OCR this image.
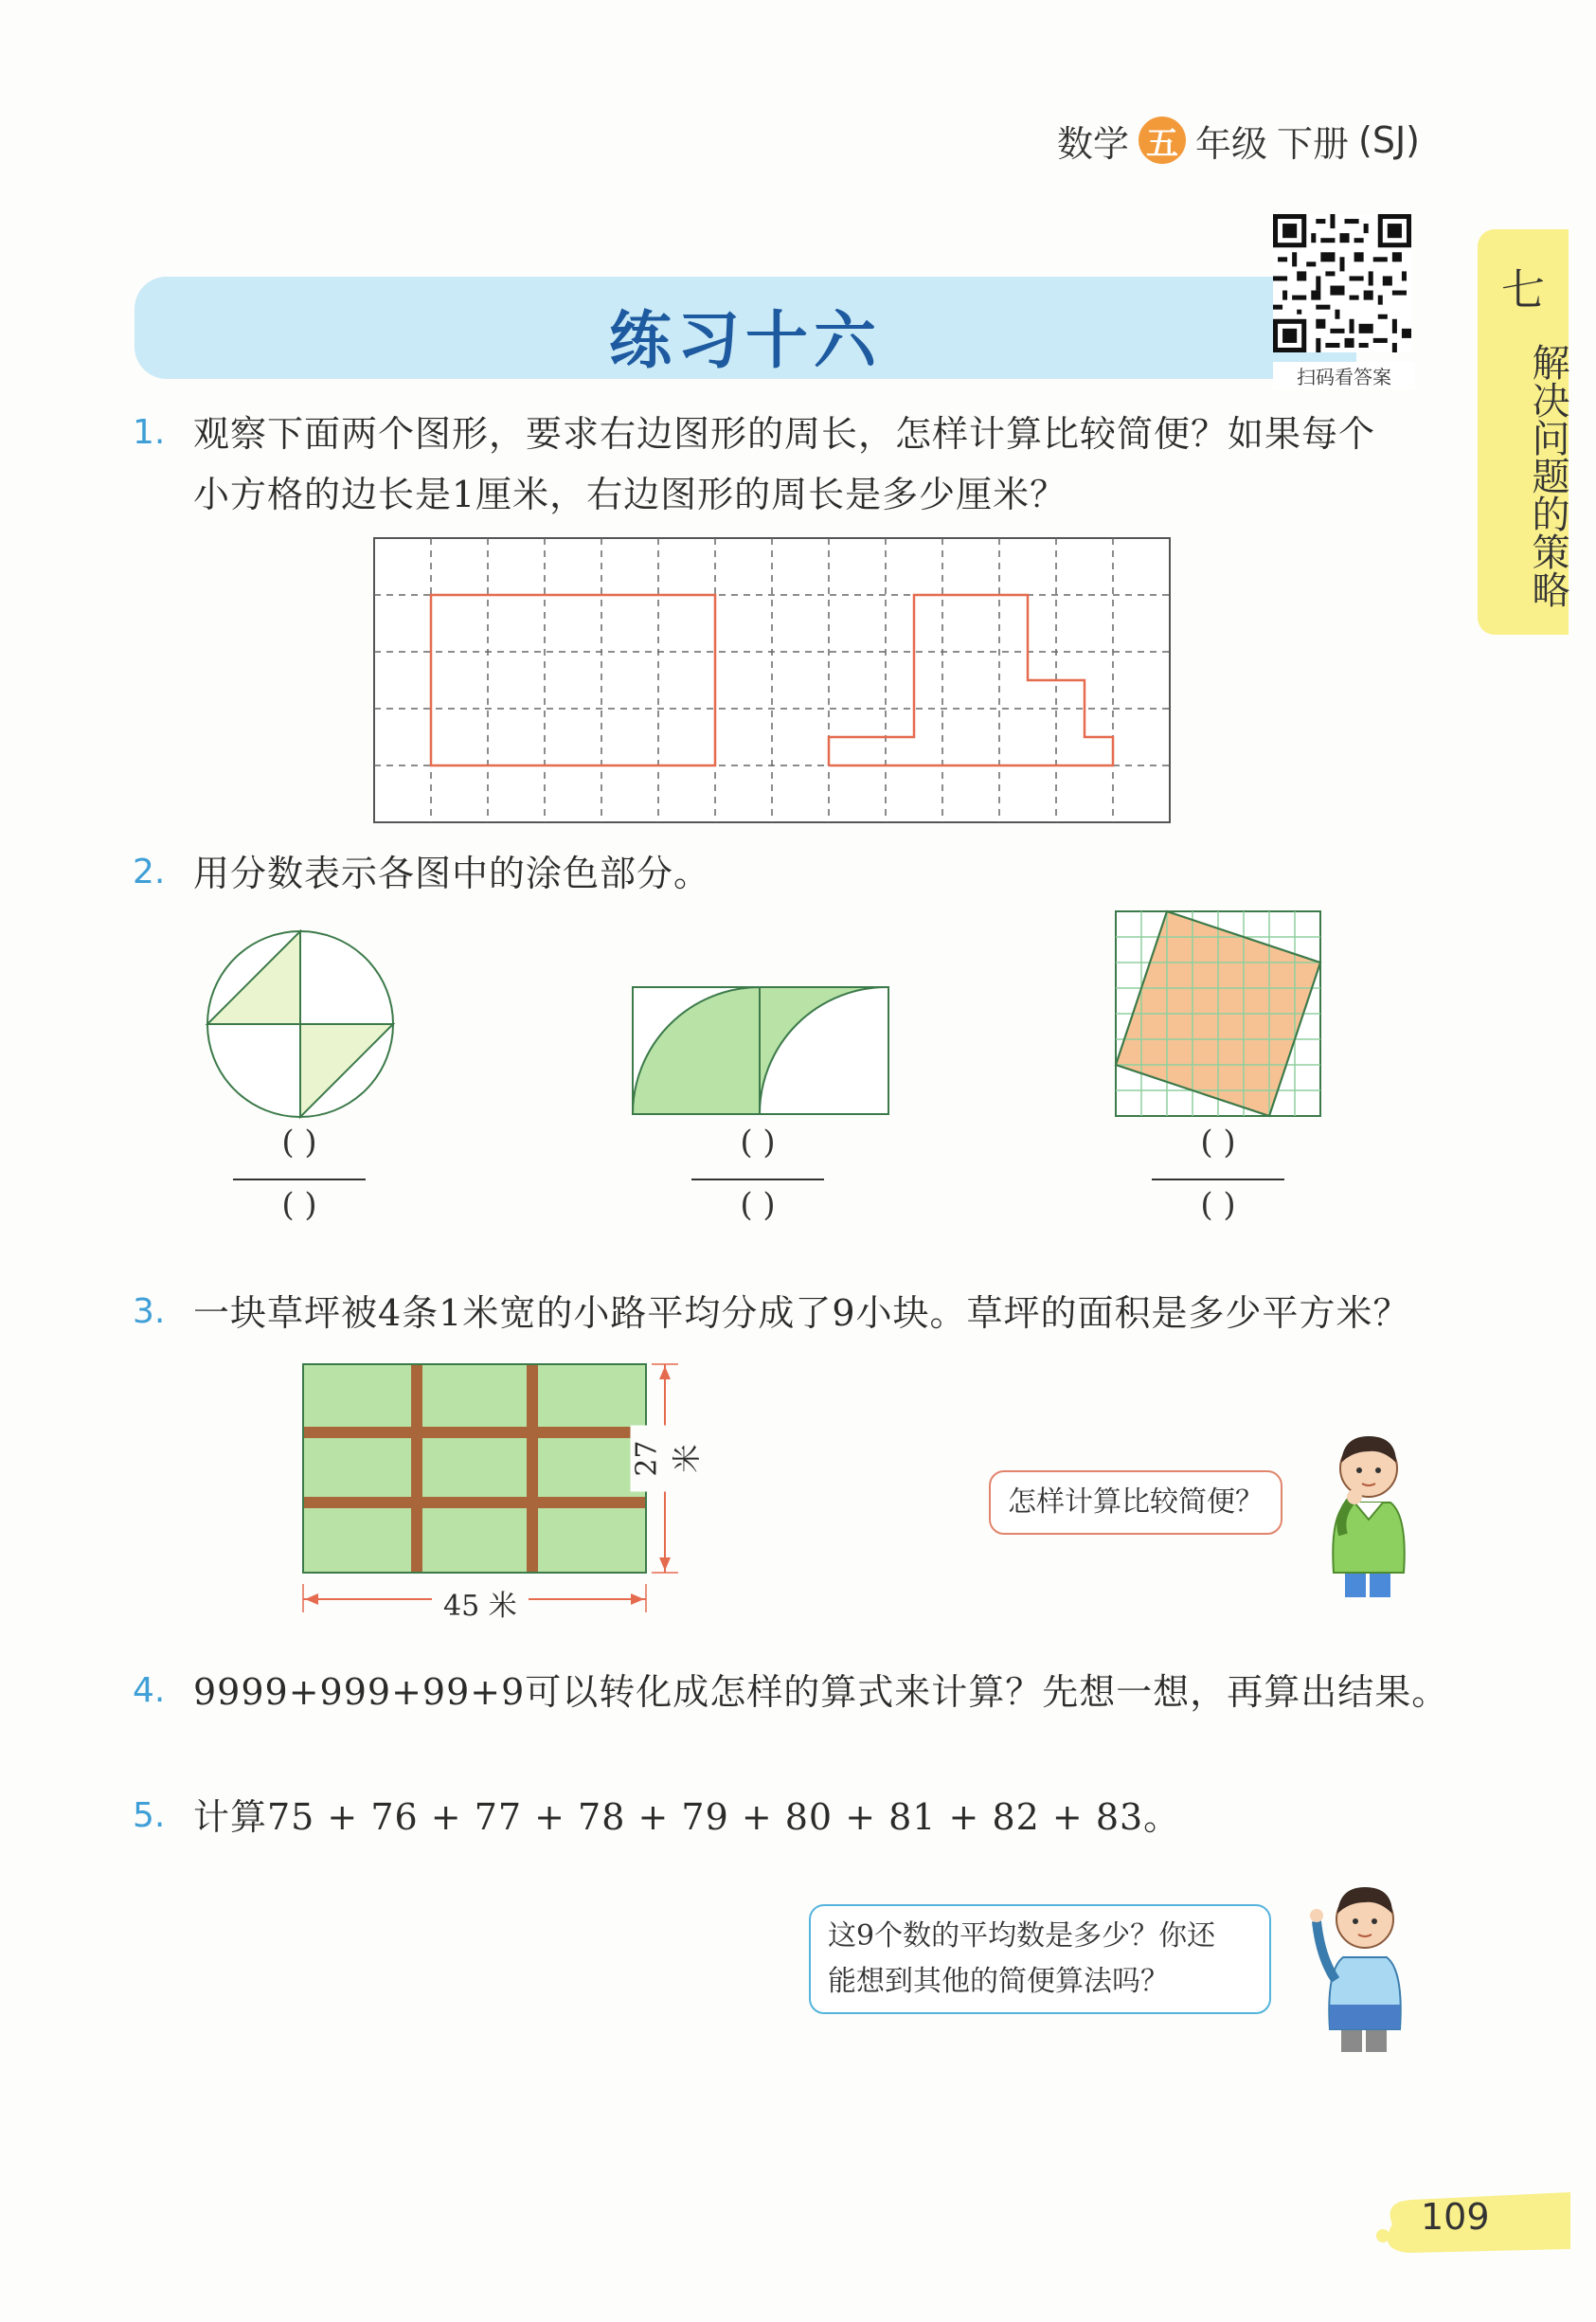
数学 五 年级 下册 (SJ)
练习十六	扫码看答案
七
解决问题的策略
1. 观察下面两个图形，要求右边图形的周长，怎样计算比较简便？如果每个
小方格的边长是1厘米，右边图形的周长是多少厘米？
2. 用分数表示各图中的涂色部分。
( )
( )
( )
( )
( )
( )
3. 一块草坪被4条1米宽的小路平均分成了9小块。草坪的面积是多少平方米？
45 米
27 米
怎样计算比较简便？
4. 9999+999+99+9可以转化成怎样的算式来计算？先想一想，再算出结果。
5. 计算75 + 76 + 77 + 78 + 79 + 80 + 81 + 82 + 83。
这9个数的平均数是多少？你还
能想到其他的简便算法吗？
109
